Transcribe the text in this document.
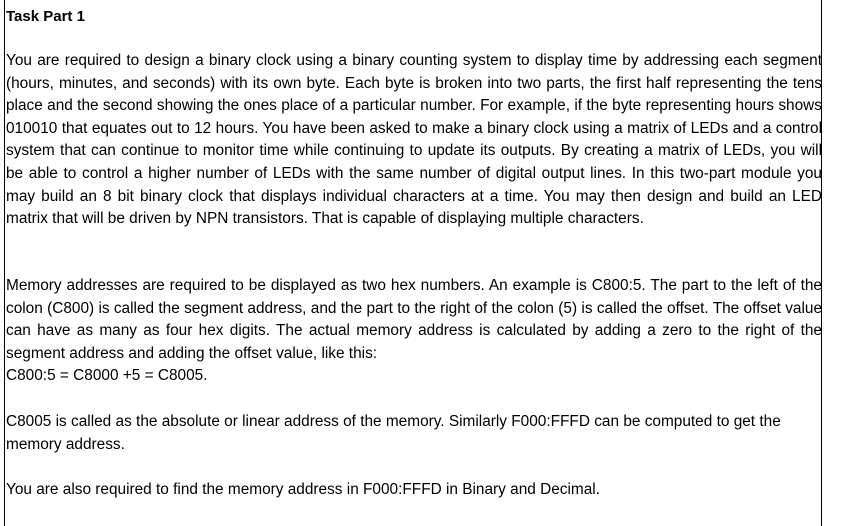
Task Part 1

You are required to design a binary clock using a binary counting system to display time by addressing each segment (hours, minutes, and seconds) with its own byte. Each byte is broken into two parts, the first half representing the tens place and the second showing the ones place of a particular number. For example, if the byte representing hours shows 010010 that equates out to 12 hours. You have been asked to make a binary clock using a matrix of LEDs and a control system that can continue to monitor time while continuing to update its outputs. By creating a matrix of LEDs, you will be able to control a higher number of LEDs with the same number of digital output lines. In this two-part module you may build an 8 bit binary clock that displays individual characters at a time. You may then design and build an LED matrix that will be driven by NPN transistors. That is capable of displaying multiple characters.

Memory addresses are required to be displayed as two hex numbers. An example is C800:5. The part to the left of the colon (C800) is called the segment address, and the part to the right of the colon (5) is called the offset. The offset value can have as many as four hex digits. The actual memory address is calculated by adding a zero to the right of the segment address and adding the offset value, like this:
C800:5 = C8000 +5 = C8005.

C8005 is called as the absolute or linear address of the memory. Similarly F000:FFFD can be computed to get the memory address.

You are also required to find the memory address in F000:FFFD in Binary and Decimal.
